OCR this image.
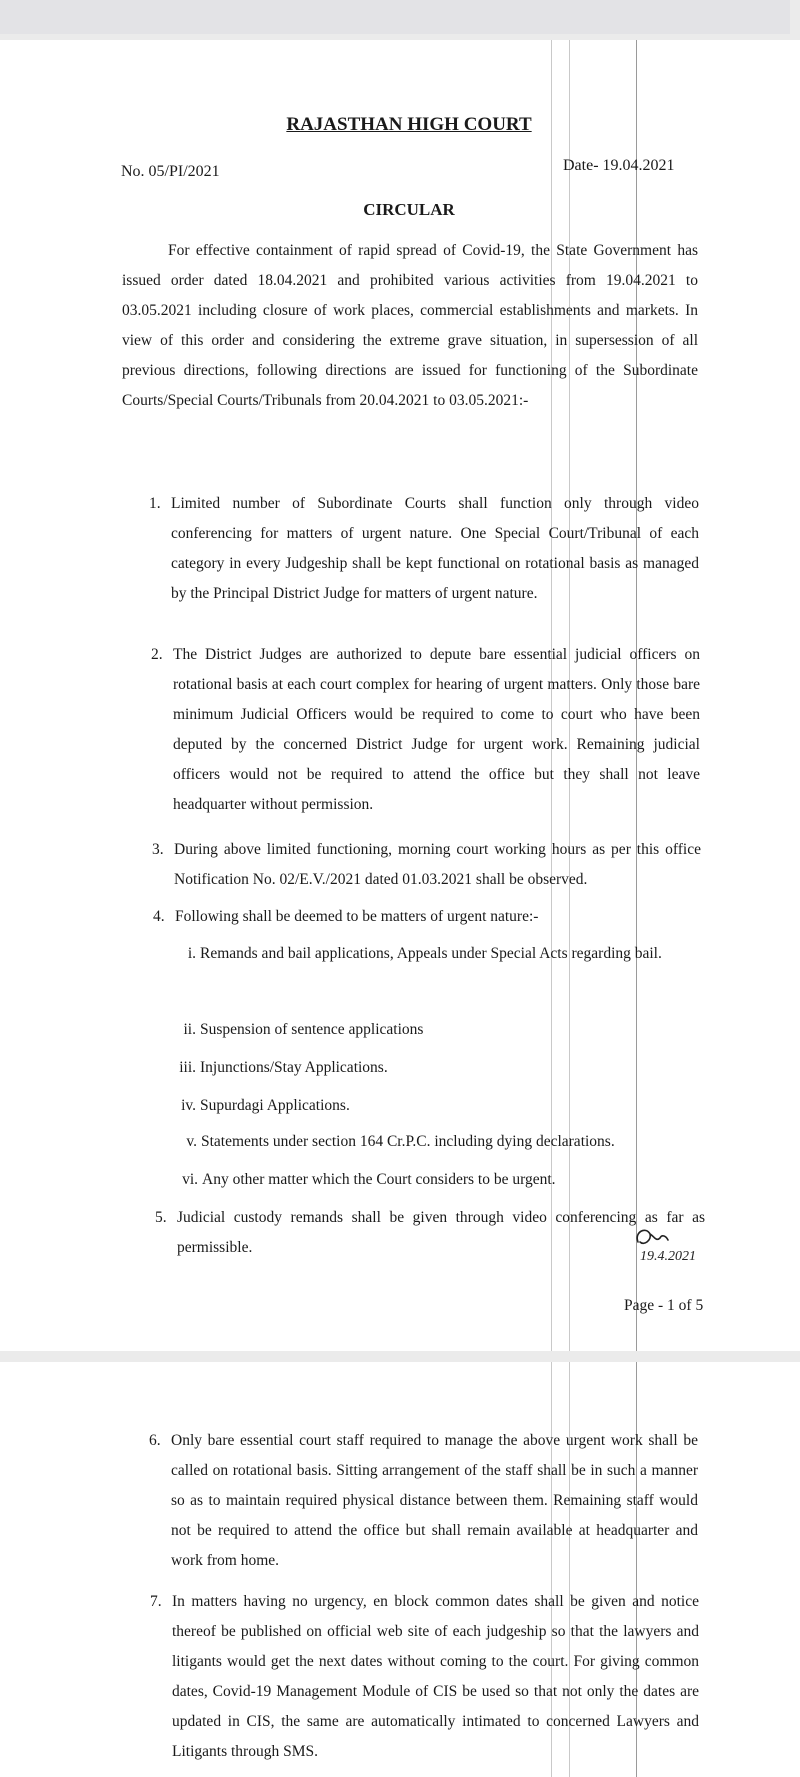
RAJASTHAN HIGH COURT
No. 05/PI/2021	Date- 19.04.2021
CIRCULAR

For effective containment of rapid spread of Covid-19, the State Government has issued order dated 18.04.2021 and prohibited various activities from 19.04.2021 to 03.05.2021 including closure of work places, commercial establishments and markets. In view of this order and considering the extreme grave situation, in supersession of all previous directions, following directions are issued for functioning of the Subordinate Courts/Special Courts/Tribunals from 20.04.2021 to 03.05.2021:-

1. Limited number of Subordinate Courts shall function only through video conferencing for matters of urgent nature. One Special Court/Tribunal of each category in every Judgeship shall be kept functional on rotational basis as managed by the Principal District Judge for matters of urgent nature.
2. The District Judges are authorized to depute bare essential judicial officers on rotational basis at each court complex for hearing of urgent matters. Only those bare minimum Judicial Officers would be required to come to court who have been deputed by the concerned District Judge for urgent work. Remaining judicial officers would not be required to attend the office but they shall not leave headquarter without permission.
3. During above limited functioning, morning court working hours as per this office Notification No. 02/E.V./2021 dated 01.03.2021 shall be observed.
4. Following shall be deemed to be matters of urgent nature:-
i. Remands and bail applications, Appeals under Special Acts regarding bail.
ii. Suspension of sentence applications
iii. Injunctions/Stay Applications.
iv. Supurdagi Applications.
v. Statements under section 164 Cr.P.C. including dying declarations.
vi. Any other matter which the Court considers to be urgent.
5. Judicial custody remands shall be given through video conferencing as far as permissible.
19.4.2021
Page - 1 of 5
6. Only bare essential court staff required to manage the above urgent work shall be called on rotational basis. Sitting arrangement of the staff shall be in such a manner so as to maintain required physical distance between them. Remaining staff would not be required to attend the office but shall remain available at headquarter and work from home.
7. In matters having no urgency, en block common dates shall be given and notice thereof be published on official web site of each judgeship so that the lawyers and litigants would get the next dates without coming to the court. For giving common dates, Covid-19 Management Module of CIS be used so that not only the dates are updated in CIS, the same are automatically intimated to concerned Lawyers and Litigants through SMS.
